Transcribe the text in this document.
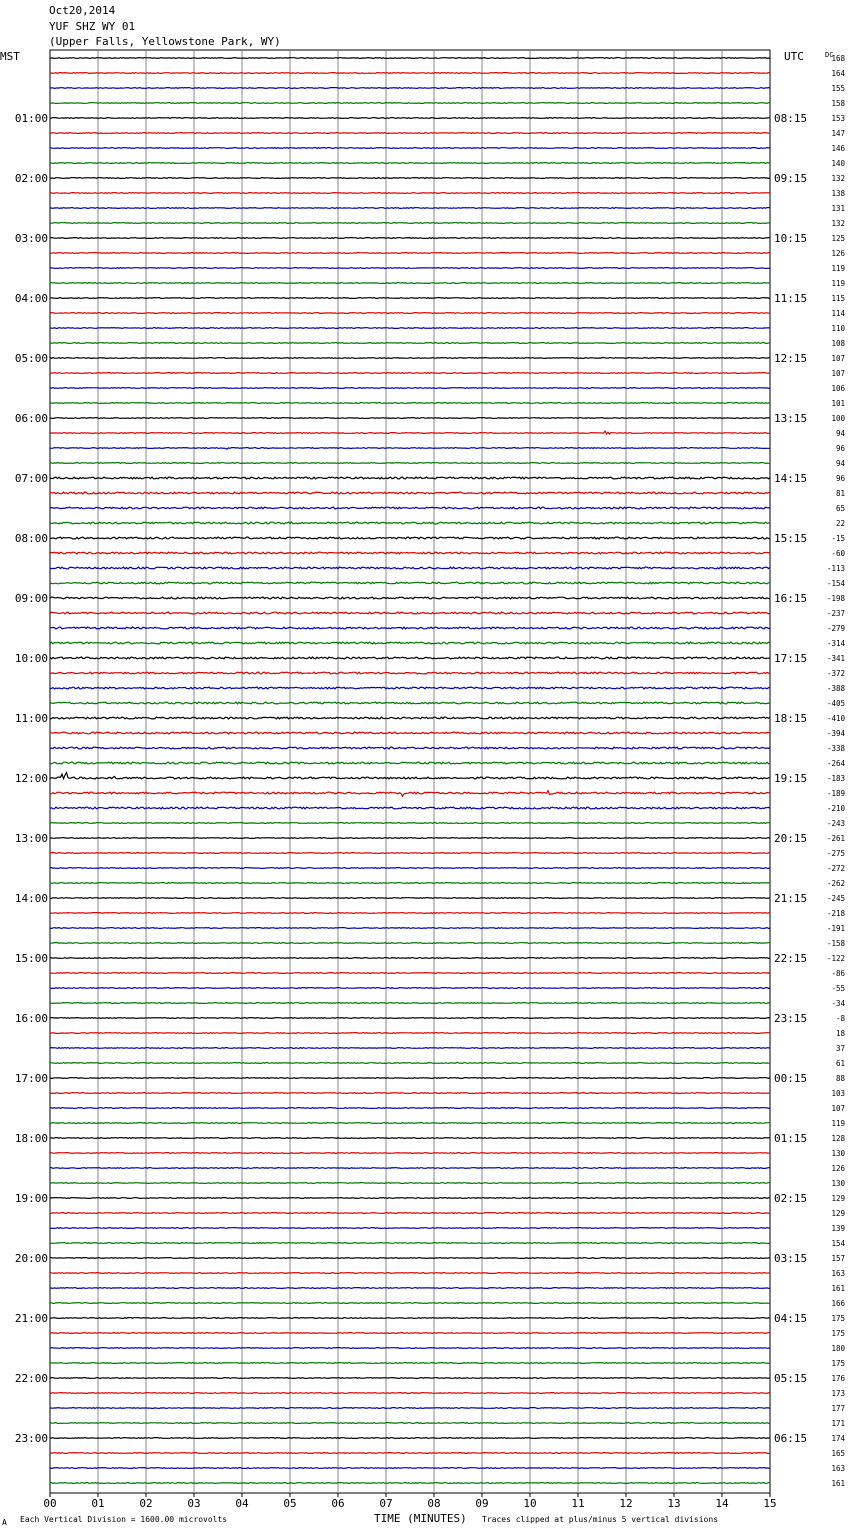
Oct20,2014
YUF SHZ WY 01
(Upper Falls, Yellowstone Park, WY)
MST	UTC	DC
00	01	02	03	04	05	06	07	08	09	10	11	12	13	14	15
168
164
155
158
153
147
146
140
132
138
131
132
125
126
119
119
115
114
110
108
107
107
106
101
100
94
96
94
96
81
65
22
-15
-60
-113
-154
-198
-237
-279
-314
-341
-372
-388
-405
-410
-394
-338
-264
-183
-189
-210
-243
-261
-275
-272
-262
-245
-218
-191
-158
-122
-86
-55
-34
-8
18
37
61
88
103
107
119
128
130
126
130
129
129
139
154
157
163
161
166
175
175
180
175
176
173
177
171
174
165
163
161
01:00
02:00
03:00
04:00
05:00
06:00
07:00
08:00
09:00
10:00
11:00
12:00
13:00
14:00
15:00
16:00
17:00
18:00
19:00
20:00
21:00
22:00
23:00
08:15
09:15
10:15
11:15
12:15
13:15
14:15
15:15
16:15
17:15
18:15
19:15
20:15
21:15
22:15
23:15
00:15
01:15
02:15
03:15
04:15
05:15
06:15
A Each Vertical Division = 1600.00 microvolts	TIME (MINUTES) Traces clipped at plus/minus 5 vertical divisions
